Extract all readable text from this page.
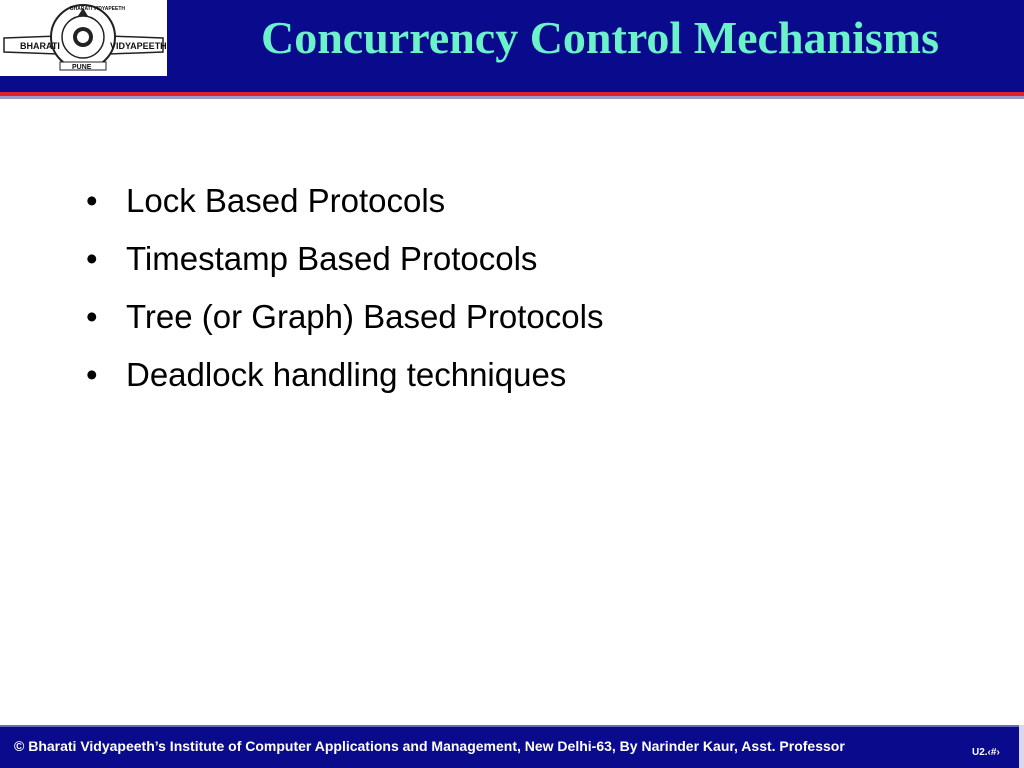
BHARATI	VIDYAPEETH
BHARATI VIDYAPEETH
PUNE
Concurrency Control Mechanisms
• Lock Based Protocols
• Timestamp Based Protocols
• Tree (or Graph) Based Protocols
• Deadlock handling techniques
© Bharati Vidyapeeth’s Institute of Computer Applications and Management, New Delhi-63, By Narinder Kaur, Asst. Professor	U2.‹#›
